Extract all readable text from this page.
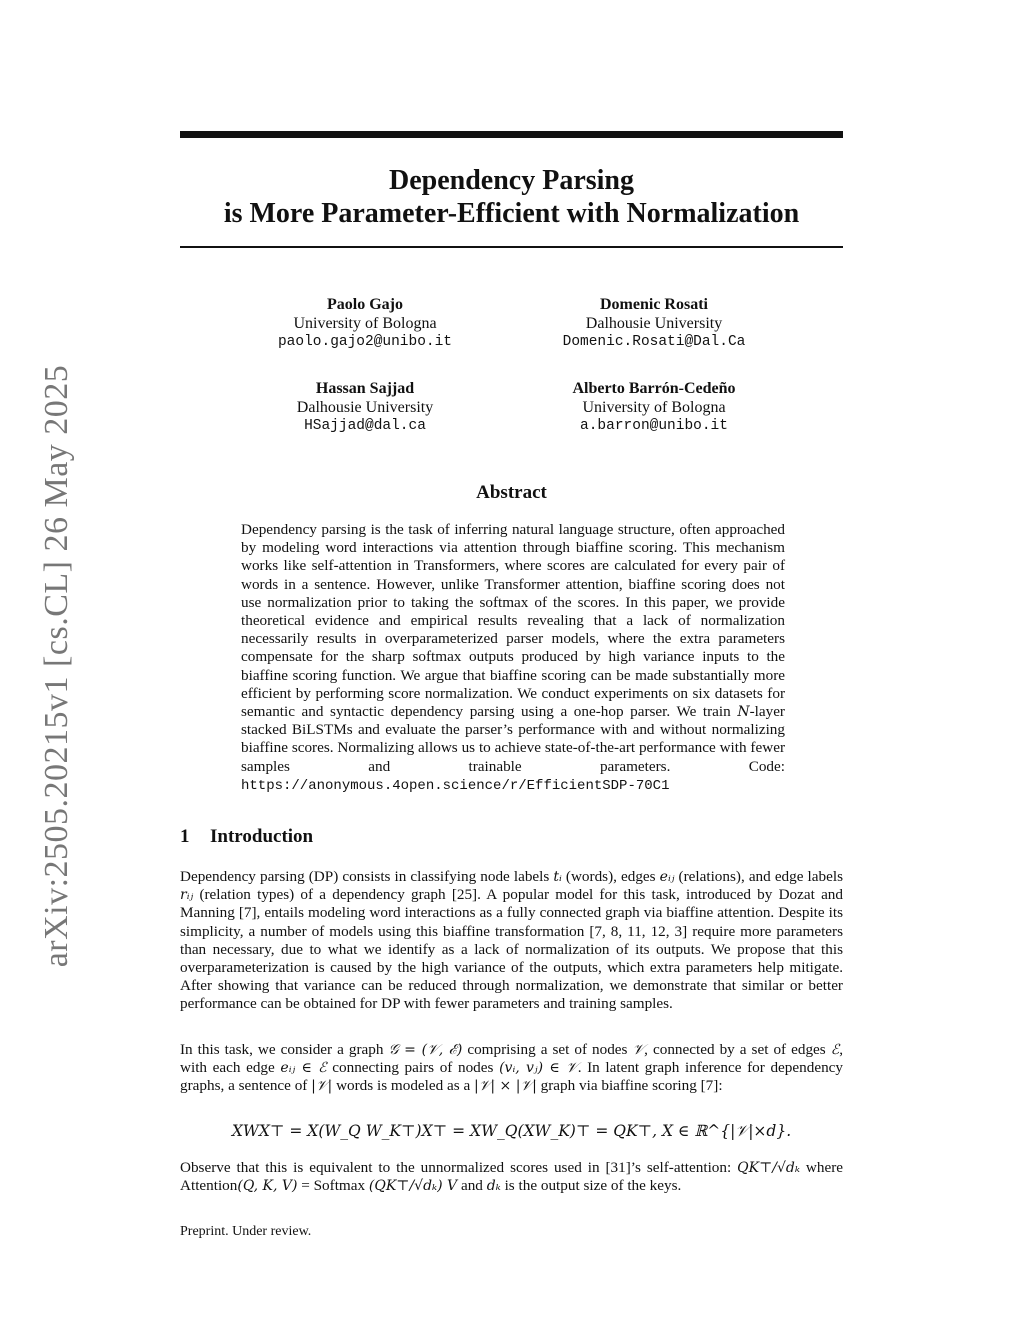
arXiv:2505.20215v1 [cs.CL] 26 May 2025
Dependency Parsing
is More Parameter-Efficient with Normalization
Paolo Gajo
University of Bologna
paolo.gajo2@unibo.it
Domenic Rosati
Dalhousie University
Domenic.Rosati@Dal.Ca
Hassan Sajjad
Dalhousie University
HSajjad@dal.ca
Alberto Barrón-Cedeño
University of Bologna
a.barron@unibo.it
Abstract

Dependency parsing is the task of inferring natural language structure, often approached by modeling word interactions via attention through biaffine scoring. This mechanism works like self-attention in Transformers, where scores are calculated for every pair of words in a sentence. However, unlike Transformer attention, biaffine scoring does not use normalization prior to taking the softmax of the scores. In this paper, we provide theoretical evidence and empirical results revealing that a lack of normalization necessarily results in overparameterized parser models, where the extra parameters compensate for the sharp softmax outputs produced by high variance inputs to the biaffine scoring function. We argue that biaffine scoring can be made substantially more efficient by performing score normalization. We conduct experiments on six datasets for semantic and syntactic dependency parsing using a one-hop parser. We train N-layer stacked BiLSTMs and evaluate the parser’s performance with and without normalizing biaffine scores. Normalizing allows us to achieve state-of-the-art performance with fewer samples and trainable parameters. Code: https://anonymous.4open.science/r/EfficientSDP-70C1

1 Introduction

Dependency parsing (DP) consists in classifying node labels tᵢ (words), edges eᵢⱼ (relations), and edge labels rᵢⱼ (relation types) of a dependency graph [25]. A popular model for this task, introduced by Dozat and Manning [7], entails modeling word interactions as a fully connected graph via biaffine attention. Despite its simplicity, a number of models using this biaffine transformation [7, 8, 11, 12, 3] require more parameters than necessary, due to what we identify as a lack of normalization of its outputs. We propose that this overparameterization is caused by the high variance of the outputs, which extra parameters help mitigate. After showing that variance can be reduced through normalization, we demonstrate that similar or better performance can be obtained for DP with fewer parameters and training samples.

In this task, we consider a graph 𝒢 = (𝒱, ℰ) comprising a set of nodes 𝒱, connected by a set of edges ℰ, with each edge eᵢⱼ ∈ ℰ connecting pairs of nodes (vᵢ, vⱼ) ∈ 𝒱. In latent graph inference for dependency graphs, a sentence of |𝒱| words is modeled as a |𝒱| × |𝒱| graph via biaffine scoring [7]:

XWX⊤ = X(W_Q W_K⊤)X⊤ = XW_Q(XW_K)⊤ = QK⊤, X ∈ ℝ^{|𝒱|×d}.

Observe that this is equivalent to the unnormalized scores used in [31]’s self-attention: QK⊤/√dₖ where Attention(Q, K, V) = Softmax (QK⊤/√dₖ) V and dₖ is the output size of the keys.

Preprint. Under review.
